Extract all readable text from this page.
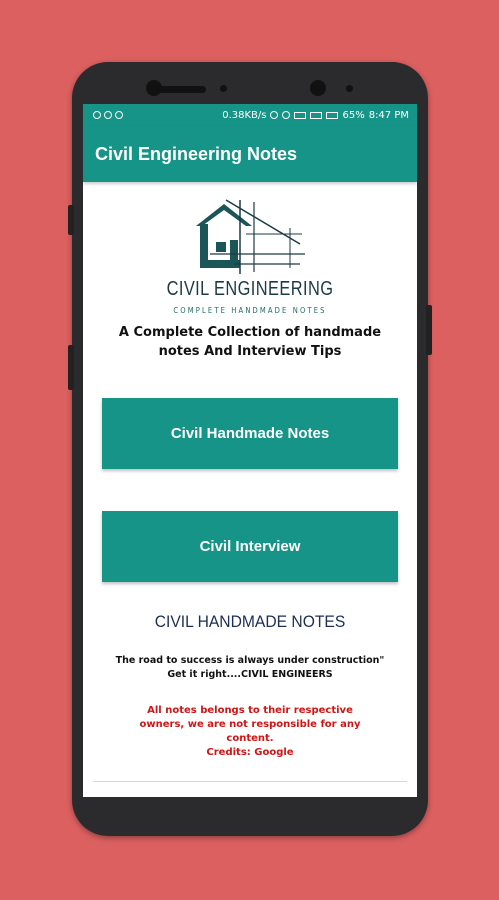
0.38KB/s	65% 8:47 PM
Civil Engineering Notes
CIVIL ENGINEERING
COMPLETE HANDMADE NOTES
A Complete Collection of handmade
notes And Interview Tips
Civil Handmade Notes
Civil Interview
CIVIL HANDMADE NOTES
The road to success is always under construction"
Get it right....CIVIL ENGINEERS
All notes belongs to their respective
owners, we are not responsible for any
content.
Credits: Google
